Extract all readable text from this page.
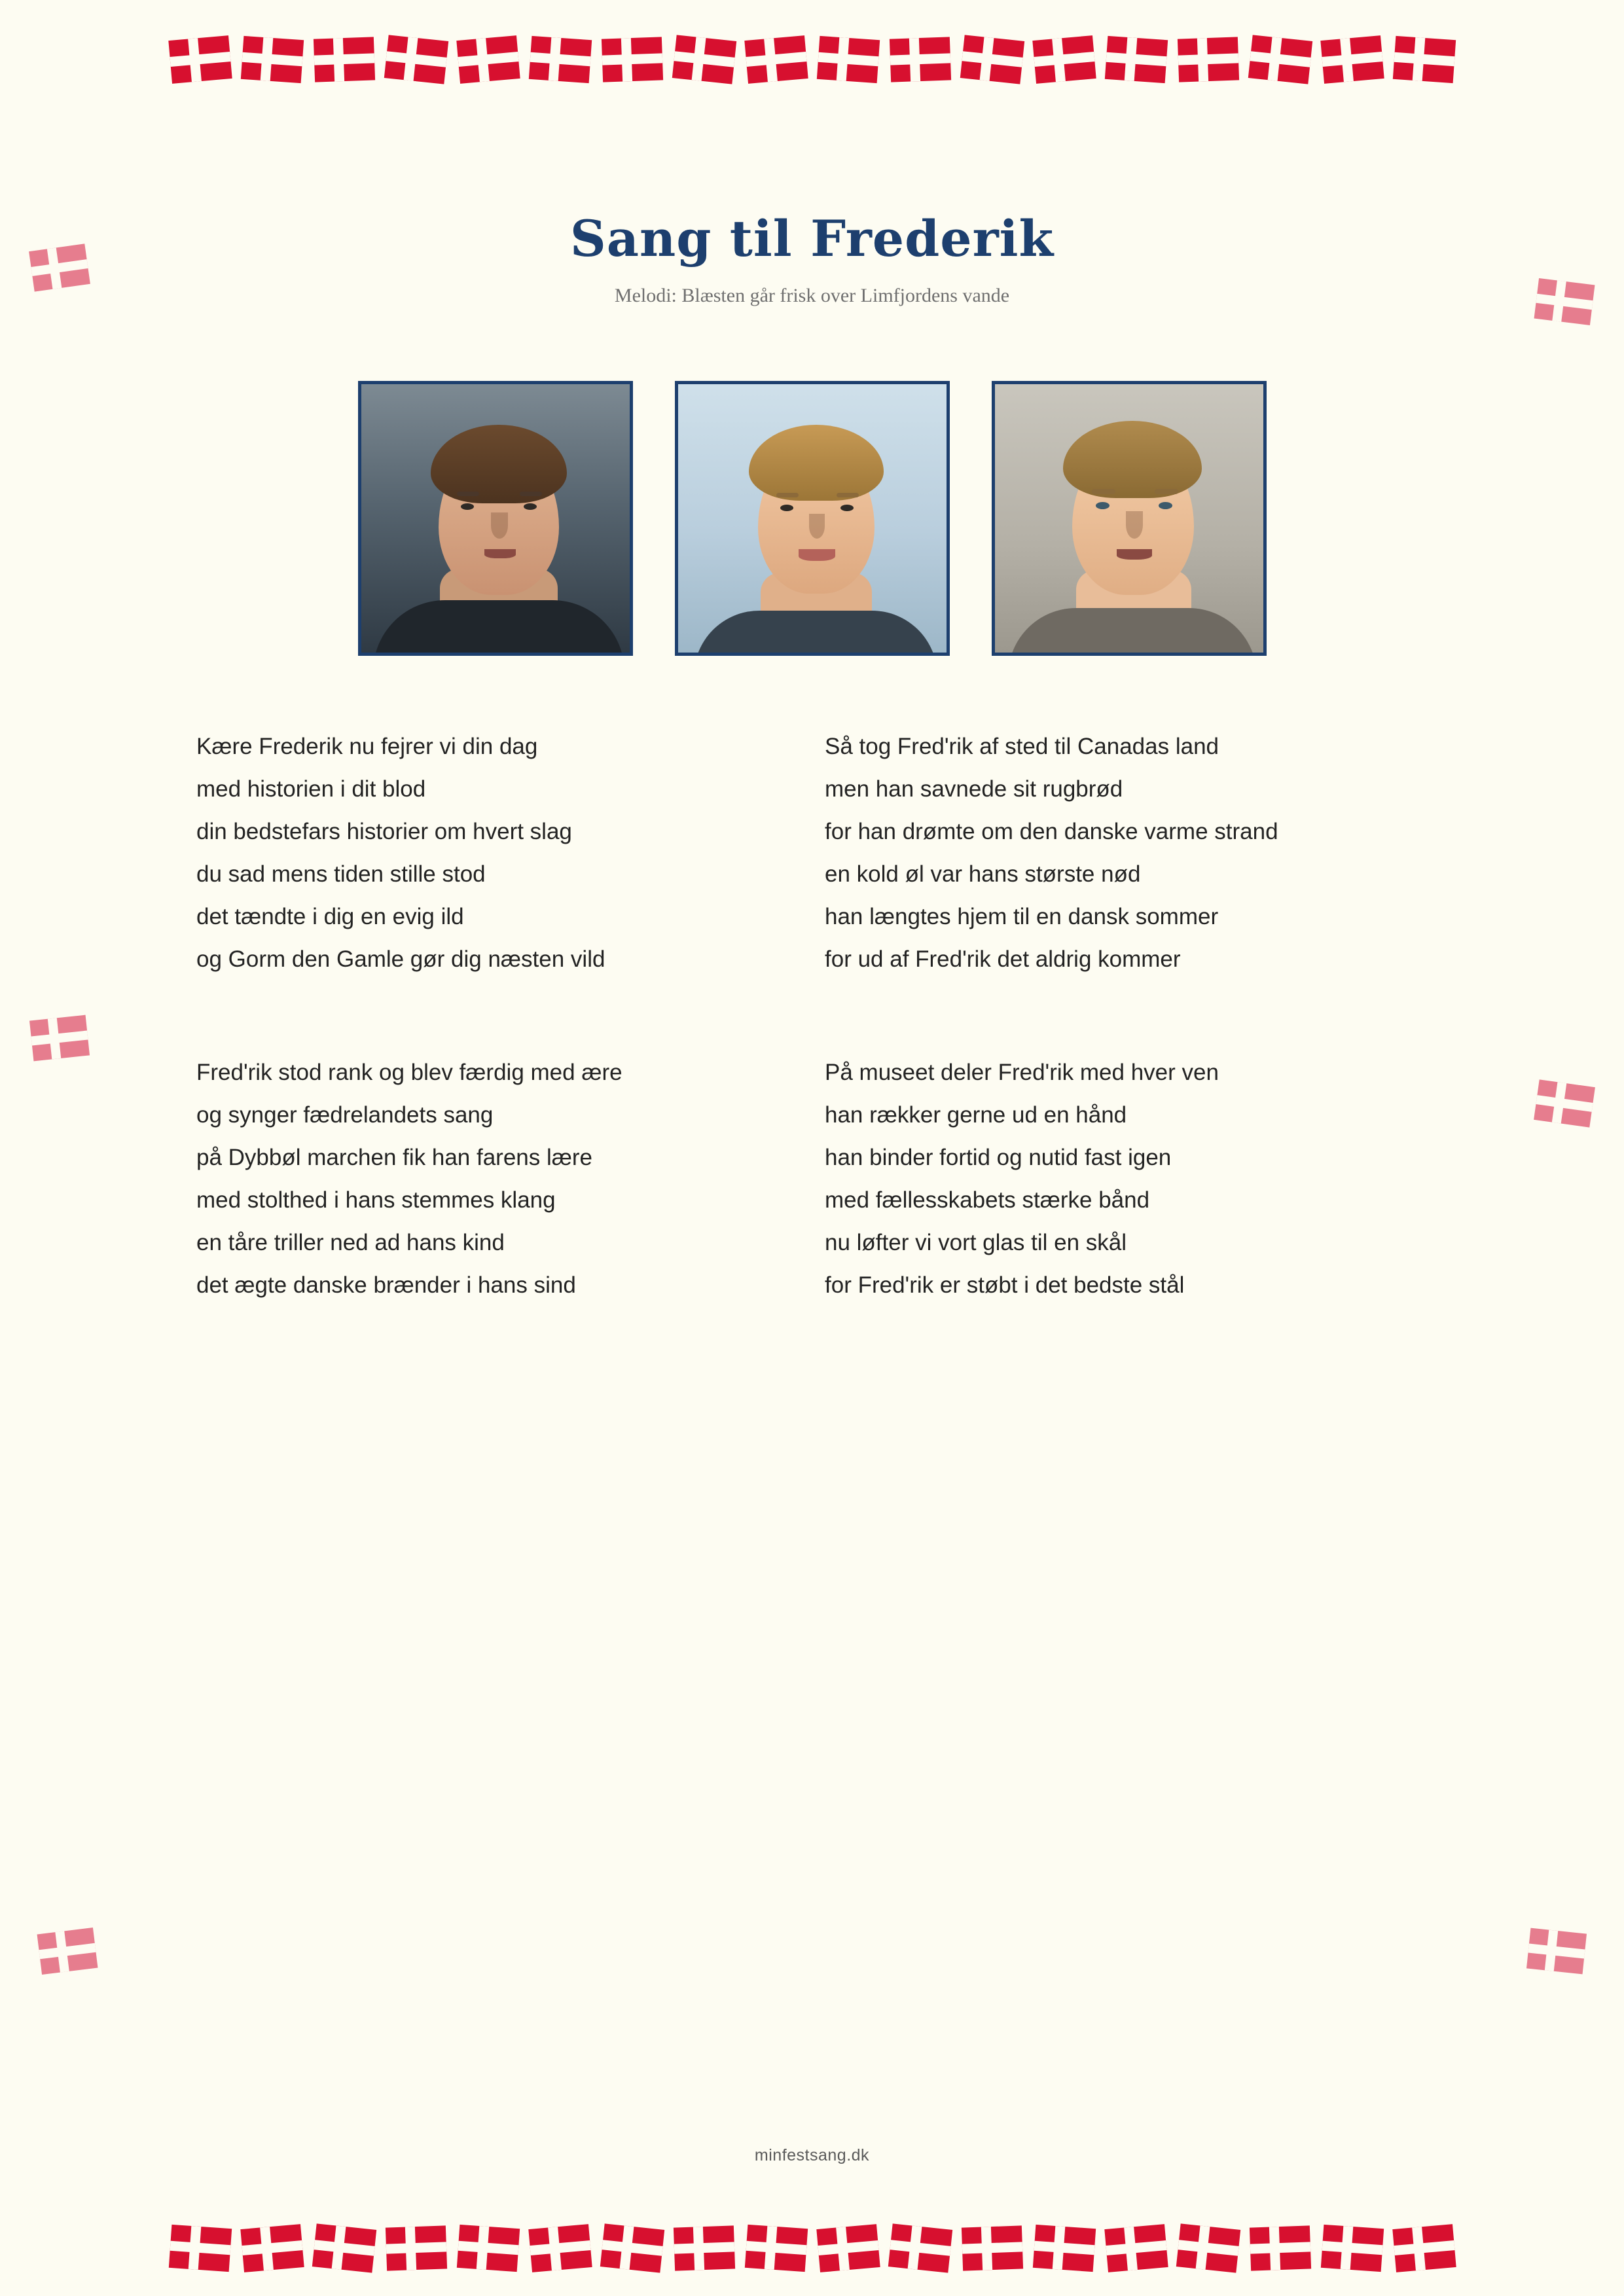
Sang til Frederik
Melodi: Blæsten går frisk over Limfjordens vande
Kære Frederik nu fejrer vi din dag
med historien i dit blod
din bedstefars historier om hvert slag
du sad mens tiden stille stod
det tændte i dig en evig ild
og Gorm den Gamle gør dig næsten vild
Så tog Fred'rik af sted til Canadas land
men han savnede sit rugbrød
for han drømte om den danske varme strand
en kold øl var hans største nød
han længtes hjem til en dansk sommer
for ud af Fred'rik det aldrig kommer
Fred'rik stod rank og blev færdig med ære
og synger fædrelandets sang
på Dybbøl marchen fik han farens lære
med stolthed i hans stemmes klang
en tåre triller ned ad hans kind
det ægte danske brænder i hans sind
På museet deler Fred'rik med hver ven
han rækker gerne ud en hånd
han binder fortid og nutid fast igen
med fællesskabets stærke bånd
nu løfter vi vort glas til en skål
for Fred'rik er støbt i det bedste stål
minfestsang.dk
